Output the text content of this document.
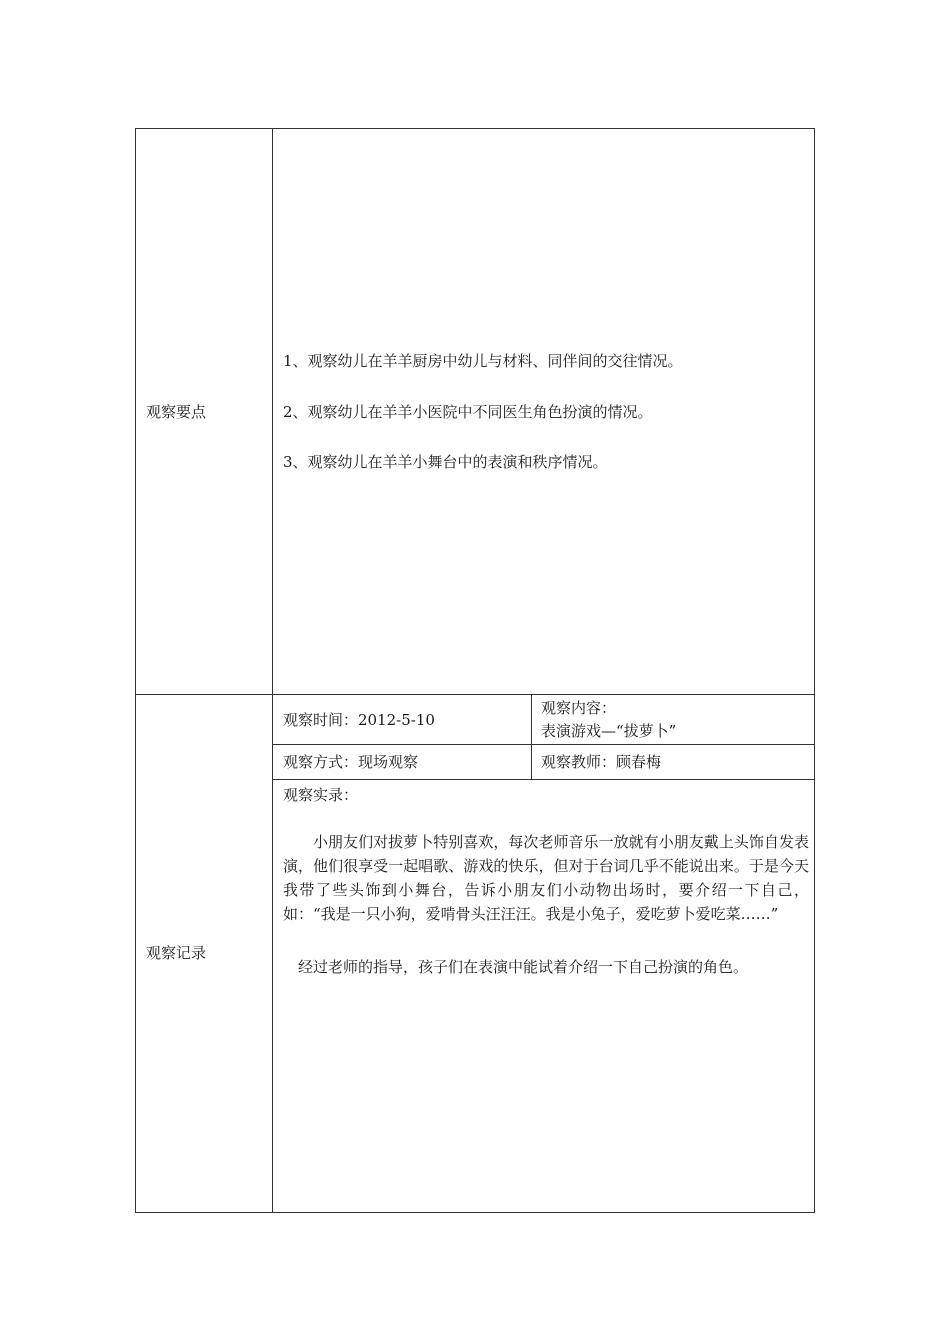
观察要点
1、观察幼儿在羊羊厨房中幼儿与材料、同伴间的交往情况。
2、观察幼儿在羊羊小医院中不同医生角色扮演的情况。
3、观察幼儿在羊羊小舞台中的表演和秩序情况。
观察记录
观察时间：2012-5-10
观察内容：
表演游戏—“拔萝卜”
观察方式：现场观察	观察教师：顾春梅
观察实录：
小朋友们对拔萝卜特别喜欢，每次老师音乐一放就有小朋友戴上头饰自发表演，他们很享受一起唱歌、游戏的快乐，但对于台词几乎不能说出来。于是今天我带了些头饰到小舞台，告诉小朋友们小动物出场时，要介绍一下自己，如：“我是一只小狗，爱啃骨头汪汪汪。我是小兔子，爱吃萝卜爱吃菜……”
经过老师的指导，孩子们在表演中能试着介绍一下自己扮演的角色。
